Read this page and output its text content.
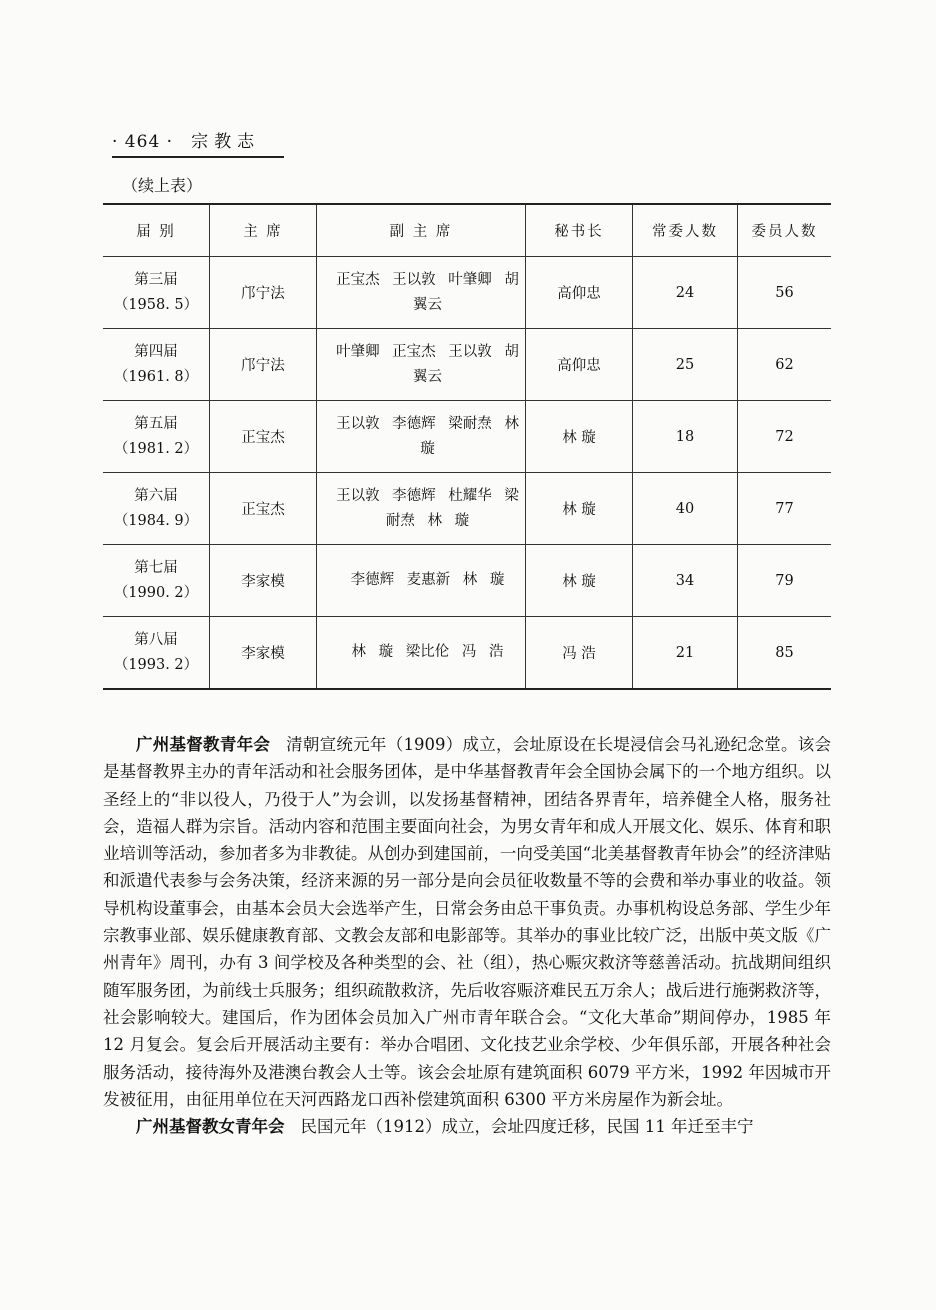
· 464 · 宗教志
（续上表）
届 别	主 席	副 主 席	秘书长	常委人数	委员人数
第三届
（1958. 5）	邝宁法	正宝杰 王以敦 叶肇卿 胡翼云	高仰忠	24	56
第四届
（1961. 8）	邝宁法	叶肇卿 正宝杰 王以敦 胡翼云	高仰忠	25	62
第五届
（1981. 2）	正宝杰	王以敦 李德辉 梁耐焘 林 璇	林 璇	18	72
第六届
（1984. 9）	正宝杰	王以敦 李德辉 杜耀华 梁耐焘 林 璇	林 璇	40	77
第七届
（1990. 2）	李家模	李德辉 麦惠新 林 璇	林 璇	34	79
第八届
（1993. 2）	李家模	林 璇 梁比伦 冯 浩	冯 浩	21	85

广州基督教青年会 清朝宣统元年（1909）成立，会址原设在长堤浸信会马礼逊纪念堂。该会是基督教界主办的青年活动和社会服务团体，是中华基督教青年会全国协会属下的一个地方组织。以圣经上的“非以役人，乃役于人”为会训，以发扬基督精神，团结各界青年，培养健全人格，服务社会，造福人群为宗旨。活动内容和范围主要面向社会，为男女青年和成人开展文化、娱乐、体育和职业培训等活动，参加者多为非教徒。从创办到建国前，一向受美国“北美基督教青年协会”的经济津贴和派遣代表参与会务决策，经济来源的另一部分是向会员征收数量不等的会费和举办事业的收益。领导机构设董事会，由基本会员大会选举产生，日常会务由总干事负责。办事机构设总务部、学生少年宗教事业部、娱乐健康教育部、文教会友部和电影部等。其举办的事业比较广泛，出版中英文版《广州青年》周刊，办有 3 间学校及各种类型的会、社（组），热心赈灾救济等慈善活动。抗战期间组织随军服务团，为前线士兵服务；组织疏散救济，先后收容赈济难民五万余人；战后进行施粥救济等，社会影响较大。建国后，作为团体会员加入广州市青年联合会。“文化大革命”期间停办，1985 年 12 月复会。复会后开展活动主要有：举办合唱团、文化技艺业余学校、少年俱乐部，开展各种社会服务活动，接待海外及港澳台教会人士等。该会会址原有建筑面积 6079 平方米，1992 年因城市开发被征用，由征用单位在天河西路龙口西补偿建筑面积 6300 平方米房屋作为新会址。

广州基督教女青年会 民国元年（1912）成立，会址四度迁移，民国 11 年迁至丰宁
